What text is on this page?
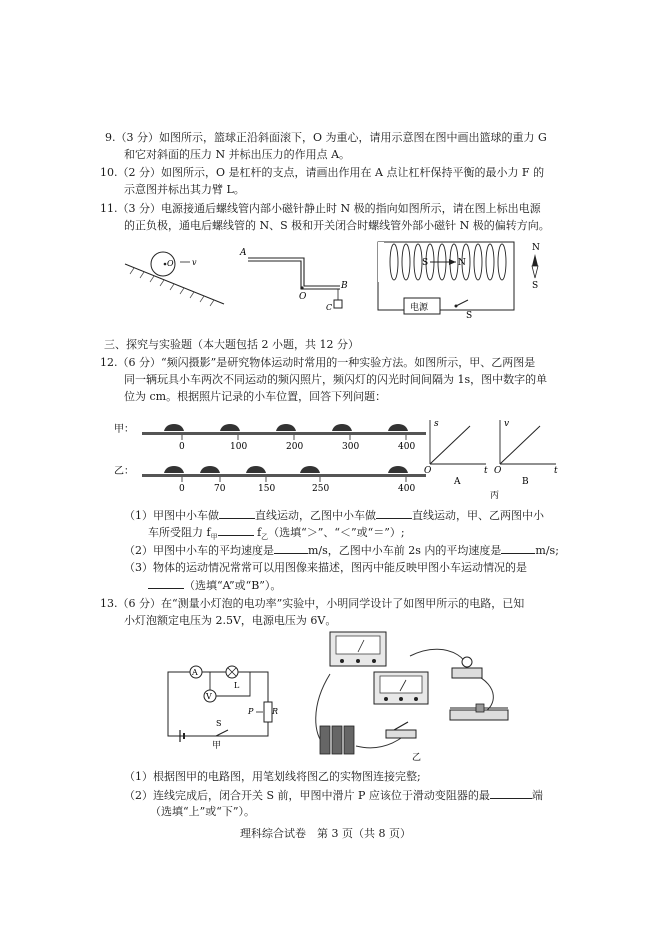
9.（3 分）如图所示，篮球正沿斜面滚下，O 为重心，请用示意图在图中画出篮球的重力 G
和它对斜面的压力 N 并标出压力的作用点 A。
10.（2 分）如图所示，O 是杠杆的支点，请画出作用在 A 点让杠杆保持平衡的最小力 F 的
示意图并标出其力臂 L。
11.（3 分）电源接通后螺线管内部小磁针静止时 N 极的指向如图所示，请在图上标出电源
的正负极，通电后螺线管的 N、S 极和开关闭合时螺线管外部小磁针 N 极的偏转方向。
O v
A
O
B
C
S	N
电源
S
N
S
三、探究与实验题（本大题包括 2 小题，共 12 分）
12.（6 分）“频闪摄影”是研究物体运动时常用的一种实验方法。如图所示，甲、乙两图是
同一辆玩具小车两次不同运动的频闪照片，频闪灯的闪光时间间隔为 1s，图中数字的单
位为 cm。根据照片记录的小车位置，回答下列问题：
甲：
0	100	200	300	400
乙：
0	70	150	250	400
s
t
O
A
v
t
O
B
丙
（1）甲图中小车做	直线运动，乙图中小车做	直线运动，甲、乙两图中小
车所受阻力 $f_甲$	$f_乙$（选填“＞”、“＜”或“＝”）;
（2）甲图中小车的平均速度是	m/s，乙图中小车前 2s 内的平均速度是	m/s;
（3）物体的运动情况常常可以用图像来描述，图丙中能反映甲图小车运动情况的是
（选填“A”或“B”）。
13.（6 分）在“测量小灯泡的电功率”实验中，小明同学设计了如图甲所示的电路，已知
小灯泡额定电压为 2.5V，电源电压为 6V。
A
L
V
P R
S
甲
乙
（1）根据图甲的电路图，用笔划线将图乙的实物图连接完整;
（2）连线完成后，闭合开关 S 前，甲图中滑片 P 应该位于滑动变阻器的最	端
（选填“上”或“下”）。
理科综合试卷　第 3 页（共 8 页）
